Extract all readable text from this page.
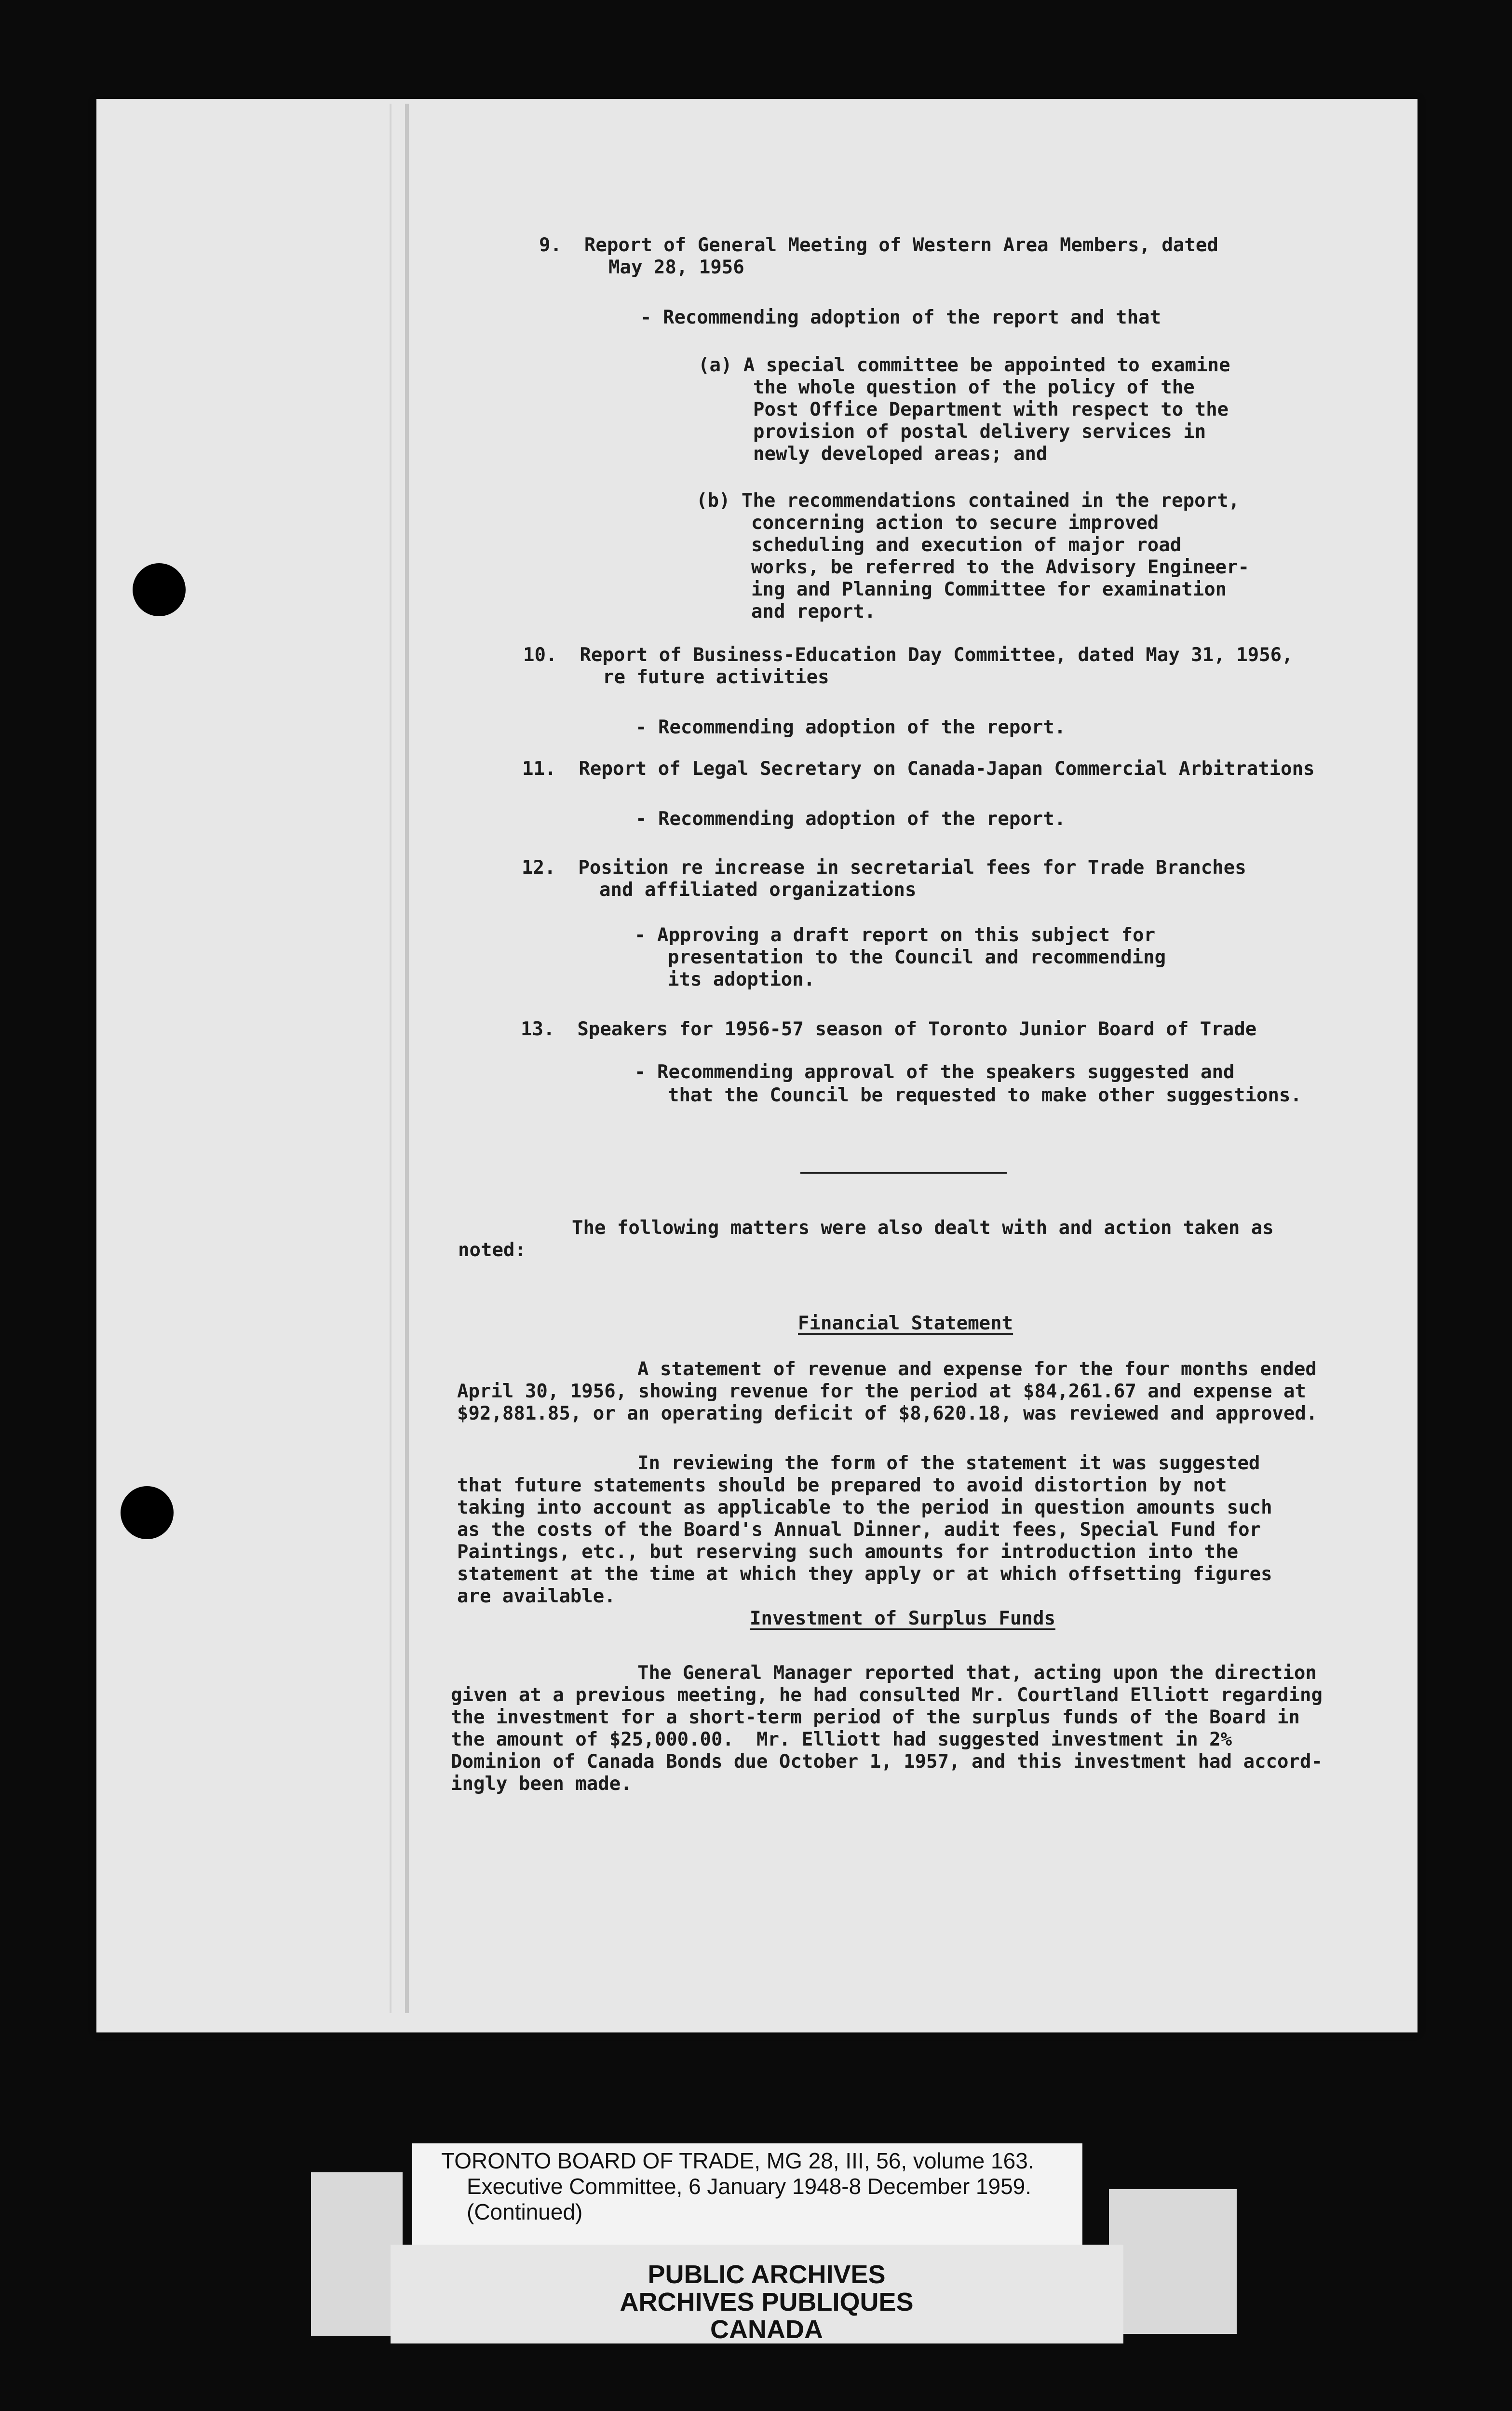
9.  Report of General Meeting of Western Area Members, dated
May 28, 1956
- Recommending adoption of the report and that
(a) A special committee be appointed to examine
the whole question of the policy of the
Post Office Department with respect to the
provision of postal delivery services in
newly developed areas; and
(b) The recommendations contained in the report,
concerning action to secure improved
scheduling and execution of major road
works, be referred to the Advisory Engineer-
ing and Planning Committee for examination
and report.
10.  Report of Business-Education Day Committee, dated May 31, 1956,
re future activities
- Recommending adoption of the report.
11.  Report of Legal Secretary on Canada-Japan Commercial Arbitrations
- Recommending adoption of the report.
12.  Position re increase in secretarial fees for Trade Branches
and affiliated organizations
- Approving a draft report on this subject for
presentation to the Council and recommending
its adoption.
13.  Speakers for 1956-57 season of Toronto Junior Board of Trade
- Recommending approval of the speakers suggested and
that the Council be requested to make other suggestions.
The following matters were also dealt with and action taken as
noted:
Financial Statement
A statement of revenue and expense for the four months ended
April 30, 1956, showing revenue for the period at $84,261.67 and expense at
$92,881.85, or an operating deficit of $8,620.18, was reviewed and approved.
In reviewing the form of the statement it was suggested
that future statements should be prepared to avoid distortion by not
taking into account as applicable to the period in question amounts such
as the costs of the Board's Annual Dinner, audit fees, Special Fund for
Paintings, etc., but reserving such amounts for introduction into the
statement at the time at which they apply or at which offsetting figures
are available.
Investment of Surplus Funds
The General Manager reported that, acting upon the direction
given at a previous meeting, he had consulted Mr. Courtland Elliott regarding
the investment for a short-term period of the surplus funds of the Board in
the amount of $25,000.00.  Mr. Elliott had suggested investment in 2%
Dominion of Canada Bonds due October 1, 1957, and this investment had accord-
ingly been made.
TORONTO BOARD OF TRADE, MG 28, III, 56, volume 163.
Executive Committee, 6 January 1948-8 December 1959.
(Continued)
PUBLIC ARCHIVES
ARCHIVES PUBLIQUES
CANADA
